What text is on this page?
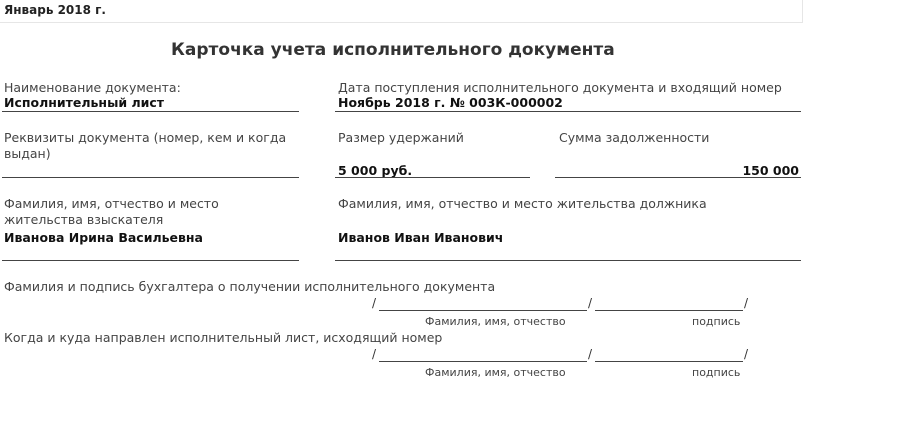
Январь 2018 г.
Карточка учета исполнительного документа
Наименование документа:
Исполнительный лист
Дата поступления исполнительного документа и входящий номер
Ноябрь 2018 г. № 003К-000002
Реквизиты документа (номер, кем и когда
выдан)
Размер удержаний
5 000 руб.
Сумма задолженности
150 000
Фамилия, имя, отчество и место
жительства взыскателя
Иванова Ирина Васильевна
Фамилия, имя, отчество и место жительства должника
Иванов Иван Иванович
Фамилия и подпись бухгалтера о получении исполнительного документа
/	/	/
Фамилия, имя, отчество	подпись
Когда и куда направлен исполнительный лист, исходящий номер
/	/	/
Фамилия, имя, отчество	подпись
